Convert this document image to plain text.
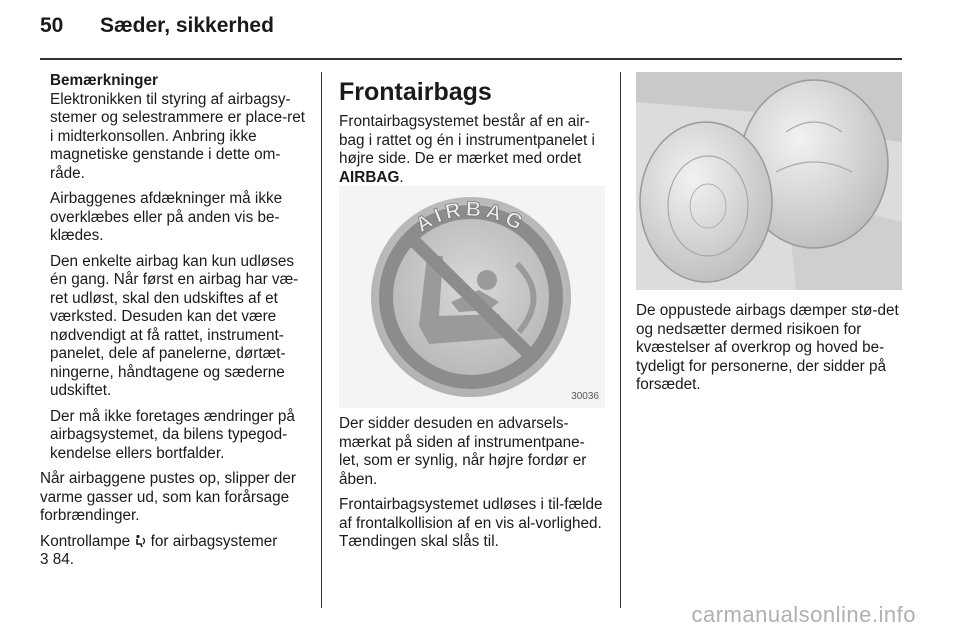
50 Sæder, sikkerhed
Bemærkninger

Elektronikken til styring af airbagsy-stemer og selestrammere er place-ret i midterkonsollen. Anbring ikke magnetiske genstande i dette om-råde.

Airbaggenes afdækninger må ikke overklæbes eller på anden vis be-klædes.

Den enkelte airbag kan kun udløses én gang. Når først en airbag har væ-ret udløst, skal den udskiftes af et værksted. Desuden kan det være nødvendigt at få rattet, instrument-panelet, dele af panelerne, dørtæt-ningerne, håndtagene og sæderne udskiftet.

Der må ikke foretages ændringer på airbagsystemet, da bilens typegod-kendelse ellers bortfalder.

Når airbaggene pustes op, slipper der varme gasser ud, som kan forårsage forbrændinger.

Kontrollampe for airbagsystemer
3 84.

Frontairbags

Frontairbagsystemet består af en air-bag i rattet og én i instrumentpanelet i højre side. De er mærket med ordet AIRBAG.

AIRBAG
30036

Der sidder desuden en advarsels-mærkat på siden af instrumentpane-let, som er synlig, når højre fordør er åben.

Frontairbagsystemet udløses i til-fælde af frontalkollision af en vis al-vorlighed. Tændingen skal slås til.

De oppustede airbags dæmper stø-det og nedsætter dermed risikoen for kvæstelser af overkrop og hoved be-tydeligt for personerne, der sidder på forsædet.

carmanualsonline.info
